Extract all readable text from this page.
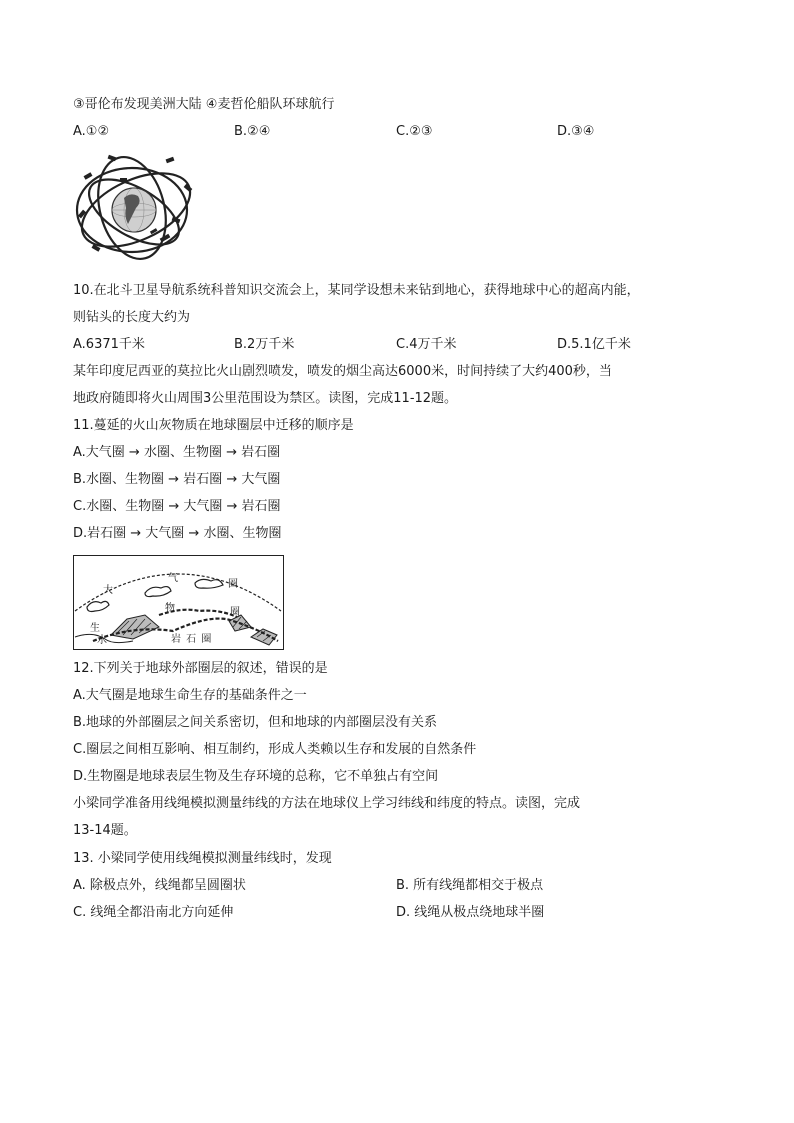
③哥伦布发现美洲大陆 ④麦哲伦船队环球航行
A.①②	B.②④	C.②③	D.③④
10.在北斗卫星导航系统科普知识交流会上，某同学设想未来钻到地心，获得地球中心的超高内能，
则钻头的长度大约为
A.6371千米	B.2万千米	C.4万千米	D.5.1亿千米
某年印度尼西亚的莫拉比火山剧烈喷发，喷发的烟尘高达6000米，时间持续了大约400秒，当
地政府随即将火山周围3公里范围设为禁区。读图，完成11-12题。
11.蔓延的火山灰物质在地球圈层中迁移的顺序是
A.大气圈 → 水圈、生物圈 → 岩石圈
B.水圈、生物圈 → 岩石圈 → 大气圈
C.水圈、生物圈 → 大气圈 → 岩石圈
D.岩石圈 → 大气圈 → 水圈、生物圈
大
气
圈
物	圈
生
水	岩 石 圈
12.下列关于地球外部圈层的叙述，错误的是
A.大气圈是地球生命生存的基础条件之一
B.地球的外部圈层之间关系密切，但和地球的内部圈层没有关系
C.圈层之间相互影响、相互制约，形成人类赖以生存和发展的自然条件
D.生物圈是地球表层生物及生存环境的总称，它不单独占有空间
小梁同学准备用线绳模拟测量纬线的方法在地球仪上学习纬线和纬度的特点。读图，完成
13-14题。
13. 小梁同学使用线绳模拟测量纬线时，发现
A. 除极点外，线绳都呈圆圈状	B. 所有线绳都相交于极点
C. 线绳全都沿南北方向延伸	D. 线绳从极点绕地球半圈
